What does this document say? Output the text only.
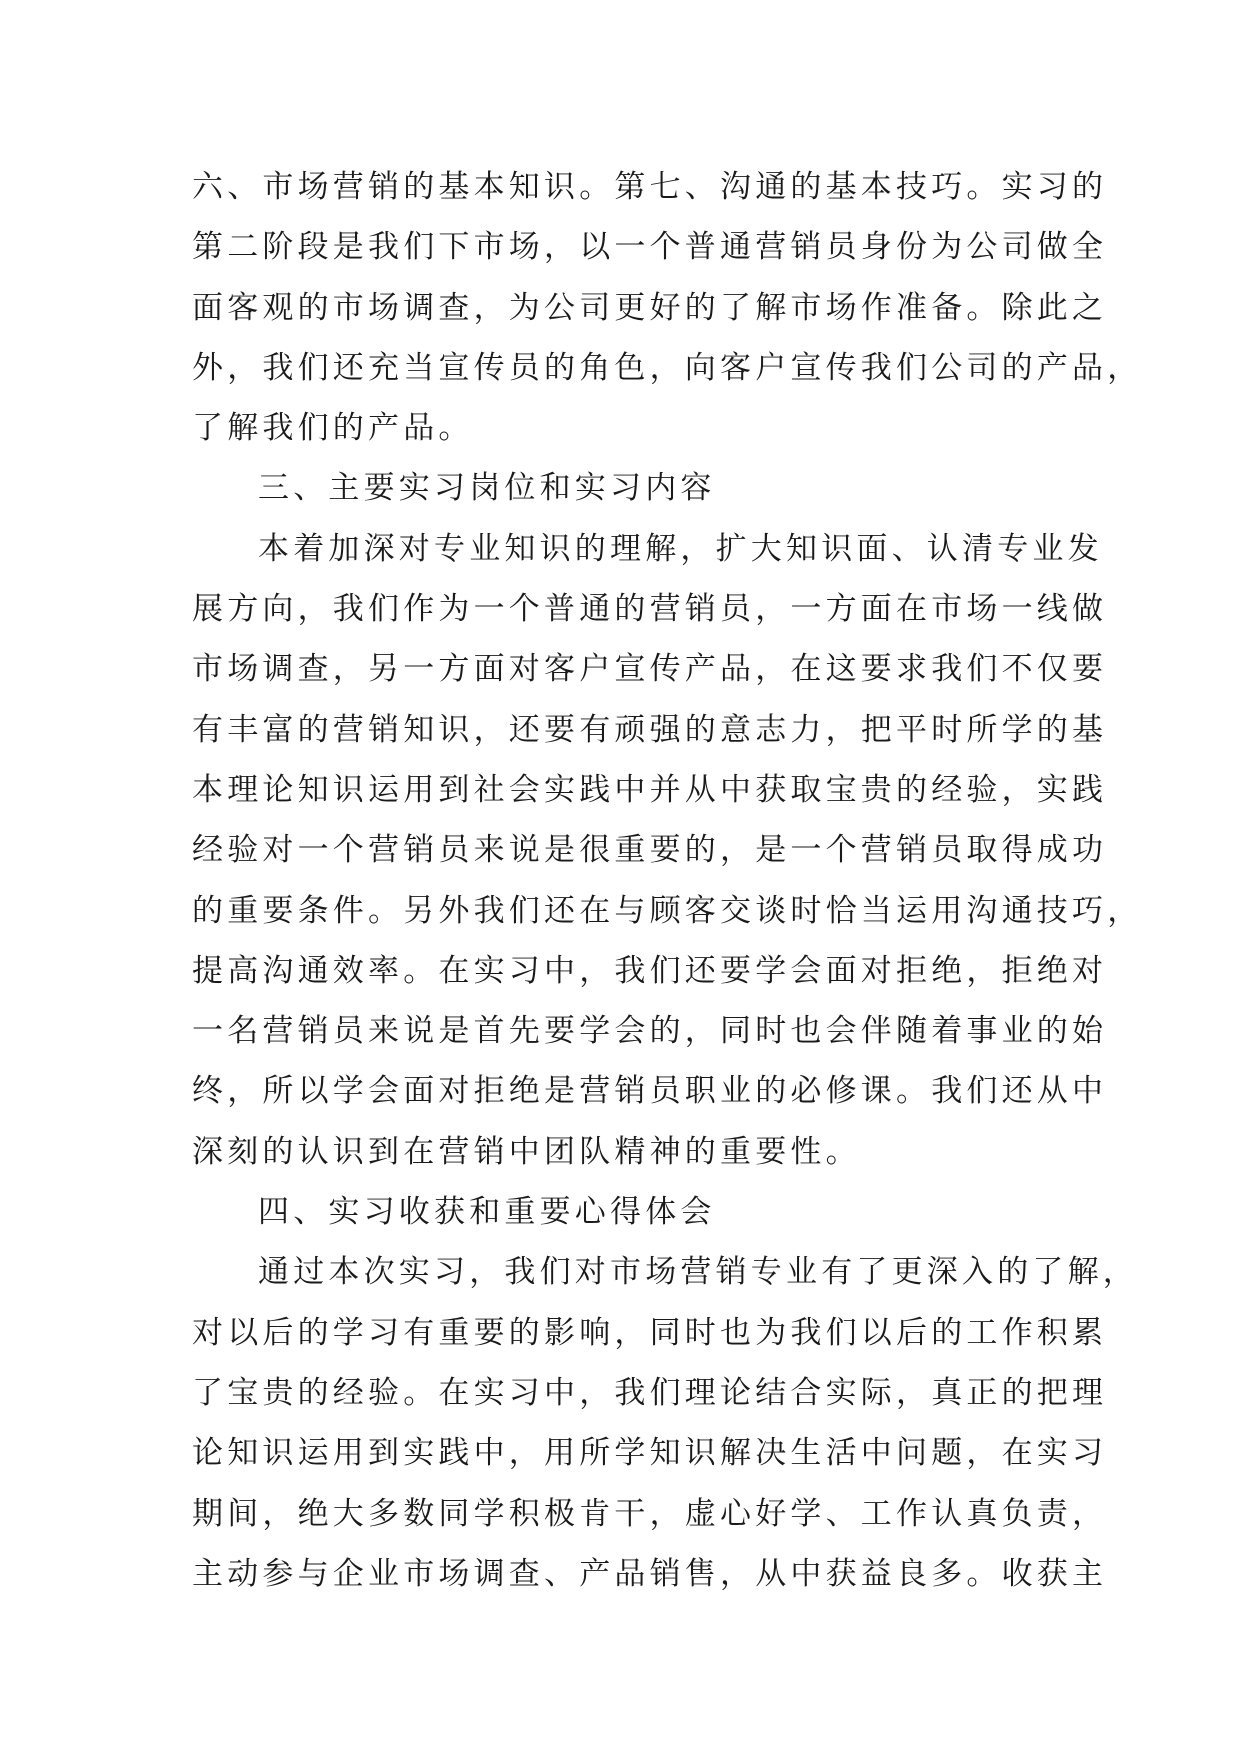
六、市场营销的基本知识。第七、沟通的基本技巧。实习的
第二阶段是我们下市场，以一个普通营销员身份为公司做全
面客观的市场调查，为公司更好的了解市场作准备。除此之
外，我们还充当宣传员的角色，向客户宣传我们公司的产品，
了解我们的产品。
三、主要实习岗位和实习内容
本着加深对专业知识的理解，扩大知识面、认清专业发
展方向，我们作为一个普通的营销员，一方面在市场一线做
市场调查，另一方面对客户宣传产品，在这要求我们不仅要
有丰富的营销知识，还要有顽强的意志力，把平时所学的基
本理论知识运用到社会实践中并从中获取宝贵的经验，实践
经验对一个营销员来说是很重要的，是一个营销员取得成功
的重要条件。另外我们还在与顾客交谈时恰当运用沟通技巧，
提高沟通效率。在实习中，我们还要学会面对拒绝，拒绝对
一名营销员来说是首先要学会的，同时也会伴随着事业的始
终，所以学会面对拒绝是营销员职业的必修课。我们还从中
深刻的认识到在营销中团队精神的重要性。
四、实习收获和重要心得体会
通过本次实习，我们对市场营销专业有了更深入的了解，
对以后的学习有重要的影响，同时也为我们以后的工作积累
了宝贵的经验。在实习中，我们理论结合实际，真正的把理
论知识运用到实践中，用所学知识解决生活中问题，在实习
期间，绝大多数同学积极肯干，虚心好学、工作认真负责，
主动参与企业市场调查、产品销售，从中获益良多。收获主
